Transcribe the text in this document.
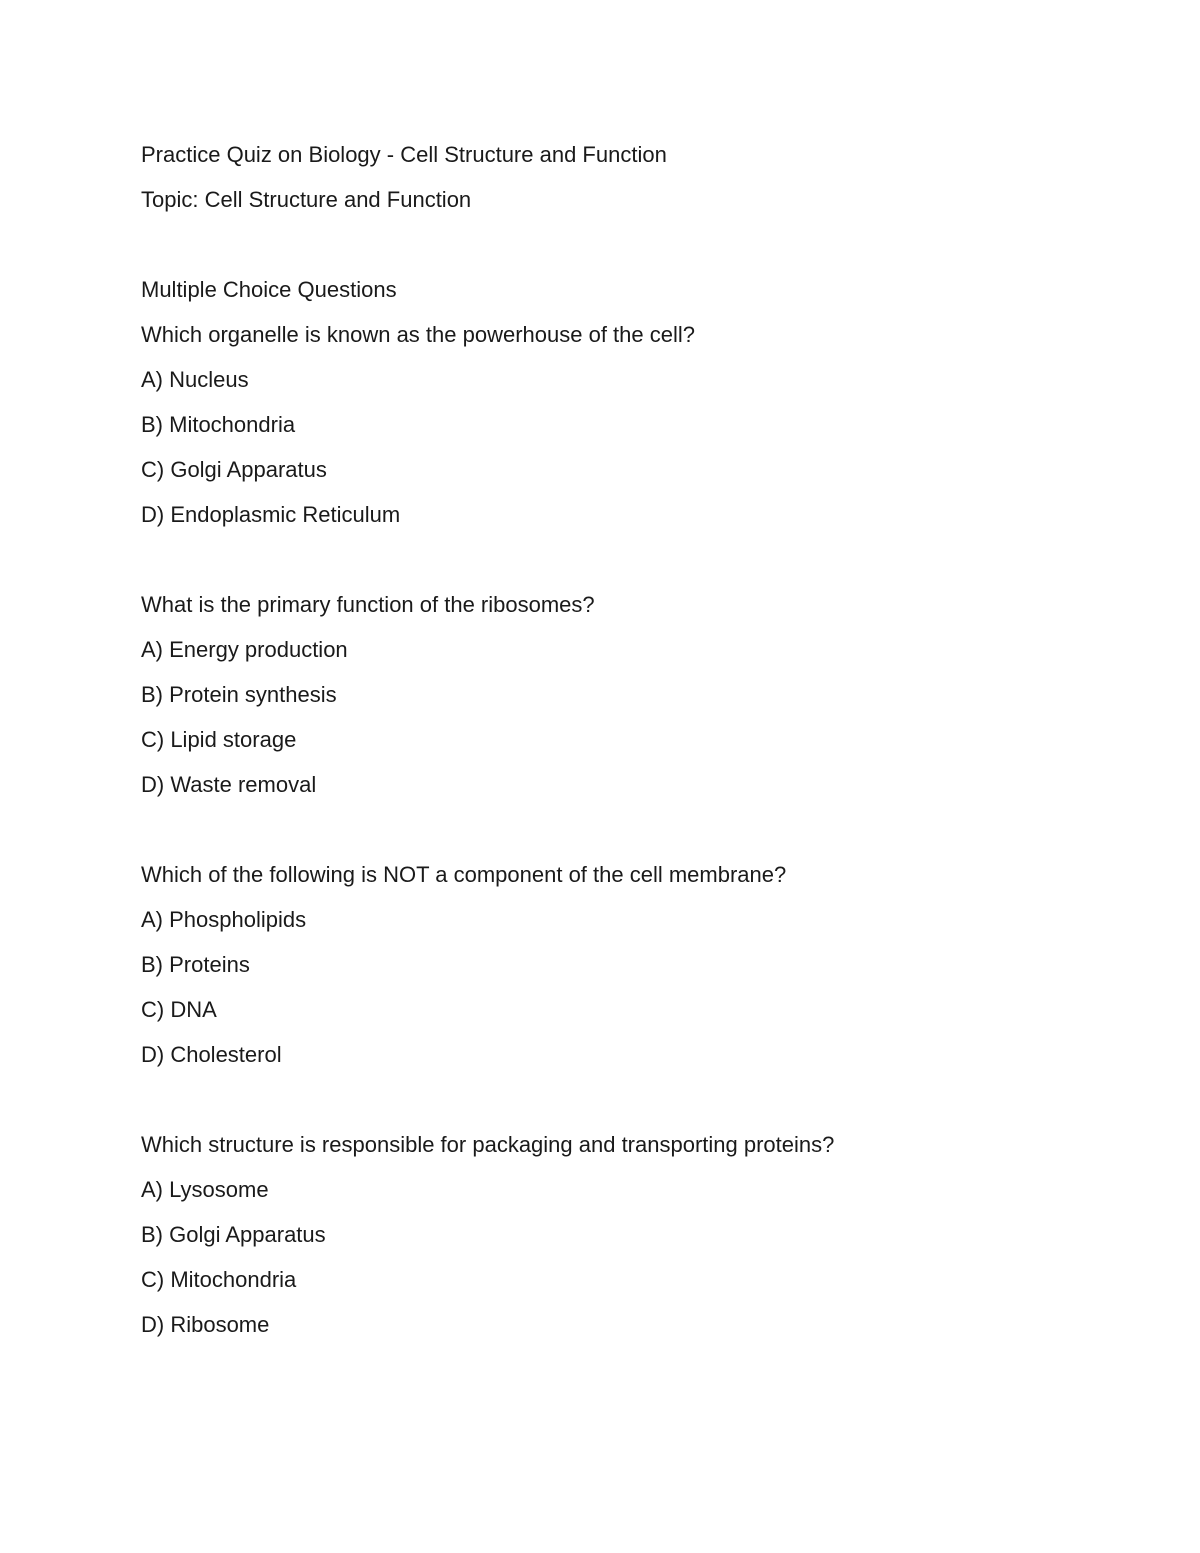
Practice Quiz on Biology - Cell Structure and Function
Topic: Cell Structure and Function
Multiple Choice Questions
Which organelle is known as the powerhouse of the cell?
A) Nucleus
B) Mitochondria
C) Golgi Apparatus
D) Endoplasmic Reticulum
What is the primary function of the ribosomes?
A) Energy production
B) Protein synthesis
C) Lipid storage
D) Waste removal
Which of the following is NOT a component of the cell membrane?
A) Phospholipids
B) Proteins
C) DNA
D) Cholesterol
Which structure is responsible for packaging and transporting proteins?
A) Lysosome
B) Golgi Apparatus
C) Mitochondria
D) Ribosome
